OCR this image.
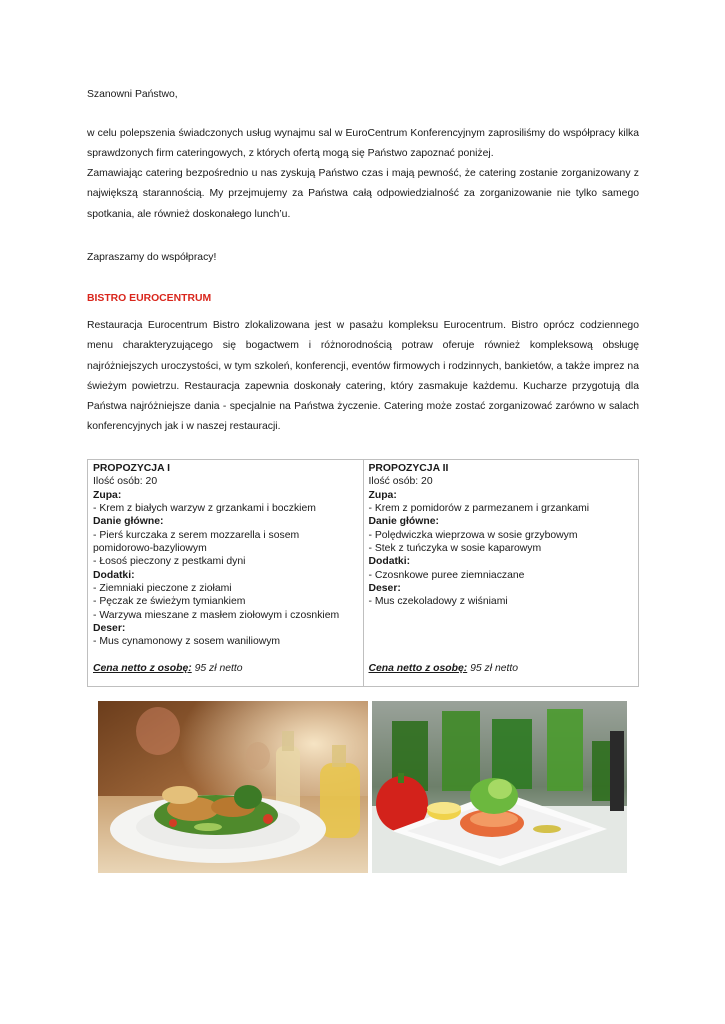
Szanowni Państwo,
w celu polepszenia świadczonych usług wynajmu sal w EuroCentrum Konferencyjnym zaprosiliśmy do współpracy kilka sprawdzonych firm cateringowych, z których ofertą mogą się Państwo zapoznać poniżej.
Zamawiając catering bezpośrednio u nas zyskują Państwo czas i mają pewność, że catering zostanie zorganizowany z największą starannością. My przejmujemy za Państwa całą odpowiedzialność za zorganizowanie nie tylko samego spotkania, ale również doskonałego lunch’u.
Zapraszamy do współpracy!
BISTRO EUROCENTRUM
Restauracja Eurocentrum Bistro zlokalizowana jest w pasażu kompleksu Eurocentrum. Bistro oprócz codziennego menu charakteryzującego się bogactwem i różnorodnością potraw oferuje również kompleksową obsługę najróżniejszych uroczystości, w tym szkoleń, konferencji, eventów firmowych i rodzinnych, bankietów, a także imprez na świeżym powietrzu. Restauracja zapewnia doskonały catering, który zasmakuje każdemu. Kucharze przygotują dla Państwa najróżniejsze dania - specjalnie na Państwa życzenie. Catering może zostać zorganizować zarówno w salach konferencyjnych jak i w naszej restauracji.
PROPOZYCJA I
Ilość osób: 20
Zupa:
- Krem z białych warzyw z grzankami i boczkiem
Danie główne:
- Pierś kurczaka z serem mozzarella i sosem pomidorowo-bazyliowym
- Łosoś pieczony z pestkami dyni
Dodatki:
- Ziemniaki pieczone z ziołami
- Pęczak ze świeżym tymiankiem
- Warzywa mieszane z masłem ziołowym i czosnkiem
Deser:
- Mus cynamonowy z sosem waniliowym
Cena netto z osobę: 95 zł netto

PROPOZYCJA II
Ilość osób: 20
Zupa:
- Krem z pomidorów z parmezanem i grzankami
Danie główne:
- Polędwiczka wieprzowa w sosie grzybowym
- Stek z tuńczyka w sosie kaparowym
Dodatki:
- Czosnkowe puree ziemniaczane
Deser:
- Mus czekoladowy z wiśniami
Cena netto z osobę: 95 zł netto
